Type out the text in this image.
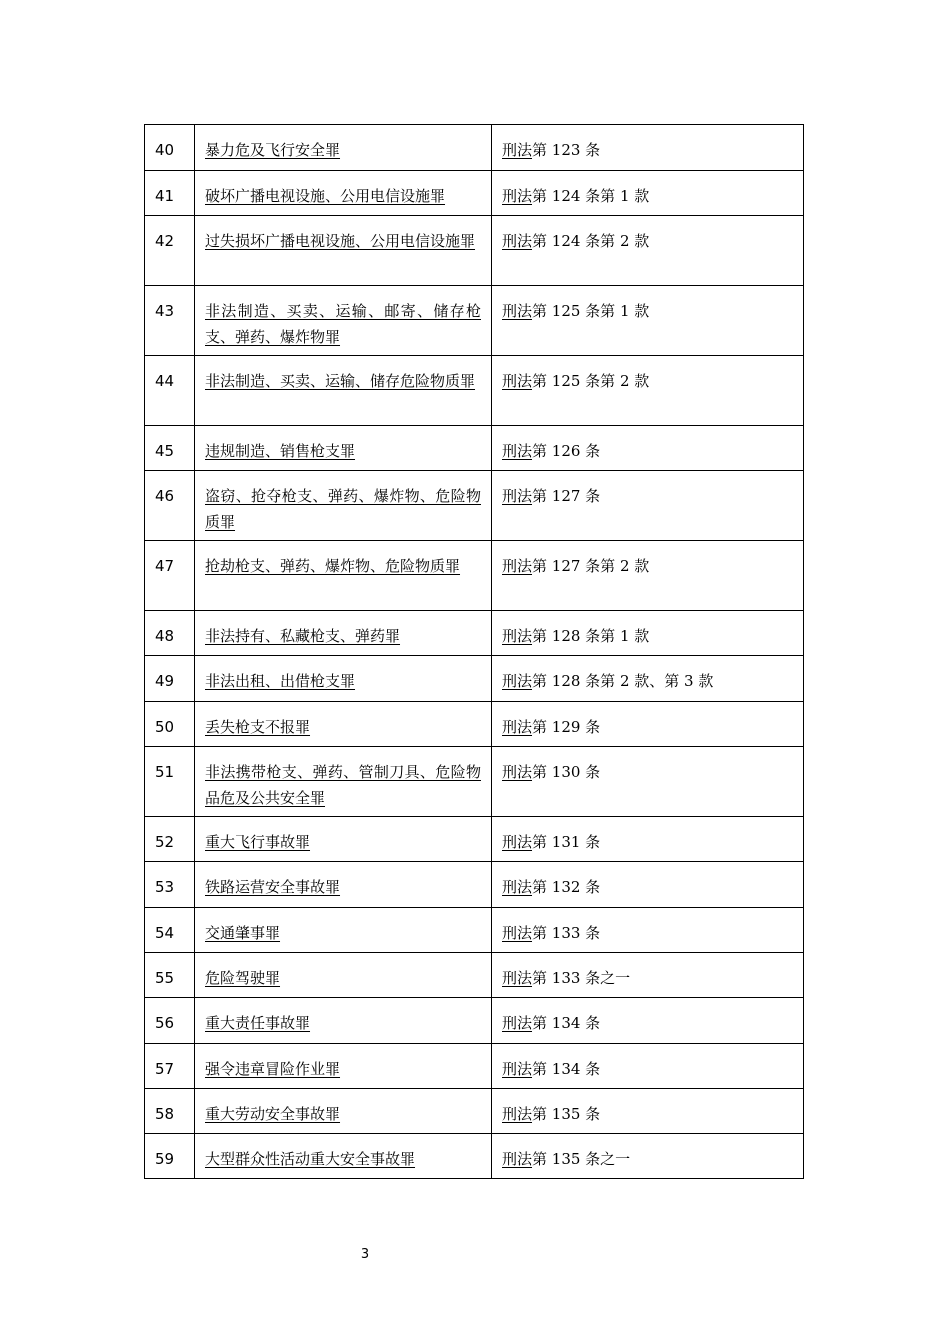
40	暴力危及飞行安全罪	刑法第 123 条
41	破坏广播电视设施、公用电信设施罪	刑法第 124 条第 1 款
42	过失损坏广播电视设施、公用电信设施罪	刑法第 124 条第 2 款
43	非法制造、买卖、运输、邮寄、储存枪支、弹药、爆炸物罪	刑法第 125 条第 1 款
44	非法制造、买卖、运输、储存危险物质罪	刑法第 125 条第 2 款
45	违规制造、销售枪支罪	刑法第 126 条
46	盗窃、抢夺枪支、弹药、爆炸物、危险物质罪	刑法第 127 条
47	抢劫枪支、弹药、爆炸物、危险物质罪	刑法第 127 条第 2 款
48	非法持有、私藏枪支、弹药罪	刑法第 128 条第 1 款
49	非法出租、出借枪支罪	刑法第 128 条第 2 款、第 3 款
50	丢失枪支不报罪	刑法第 129 条
51	非法携带枪支、弹药、管制刀具、危险物品危及公共安全罪	刑法第 130 条
52	重大飞行事故罪	刑法第 131 条
53	铁路运营安全事故罪	刑法第 132 条
54	交通肇事罪	刑法第 133 条
55	危险驾驶罪	刑法第 133 条之一
56	重大责任事故罪	刑法第 134 条
57	强令违章冒险作业罪	刑法第 134 条
58	重大劳动安全事故罪	刑法第 135 条
59	大型群众性活动重大安全事故罪	刑法第 135 条之一
3
